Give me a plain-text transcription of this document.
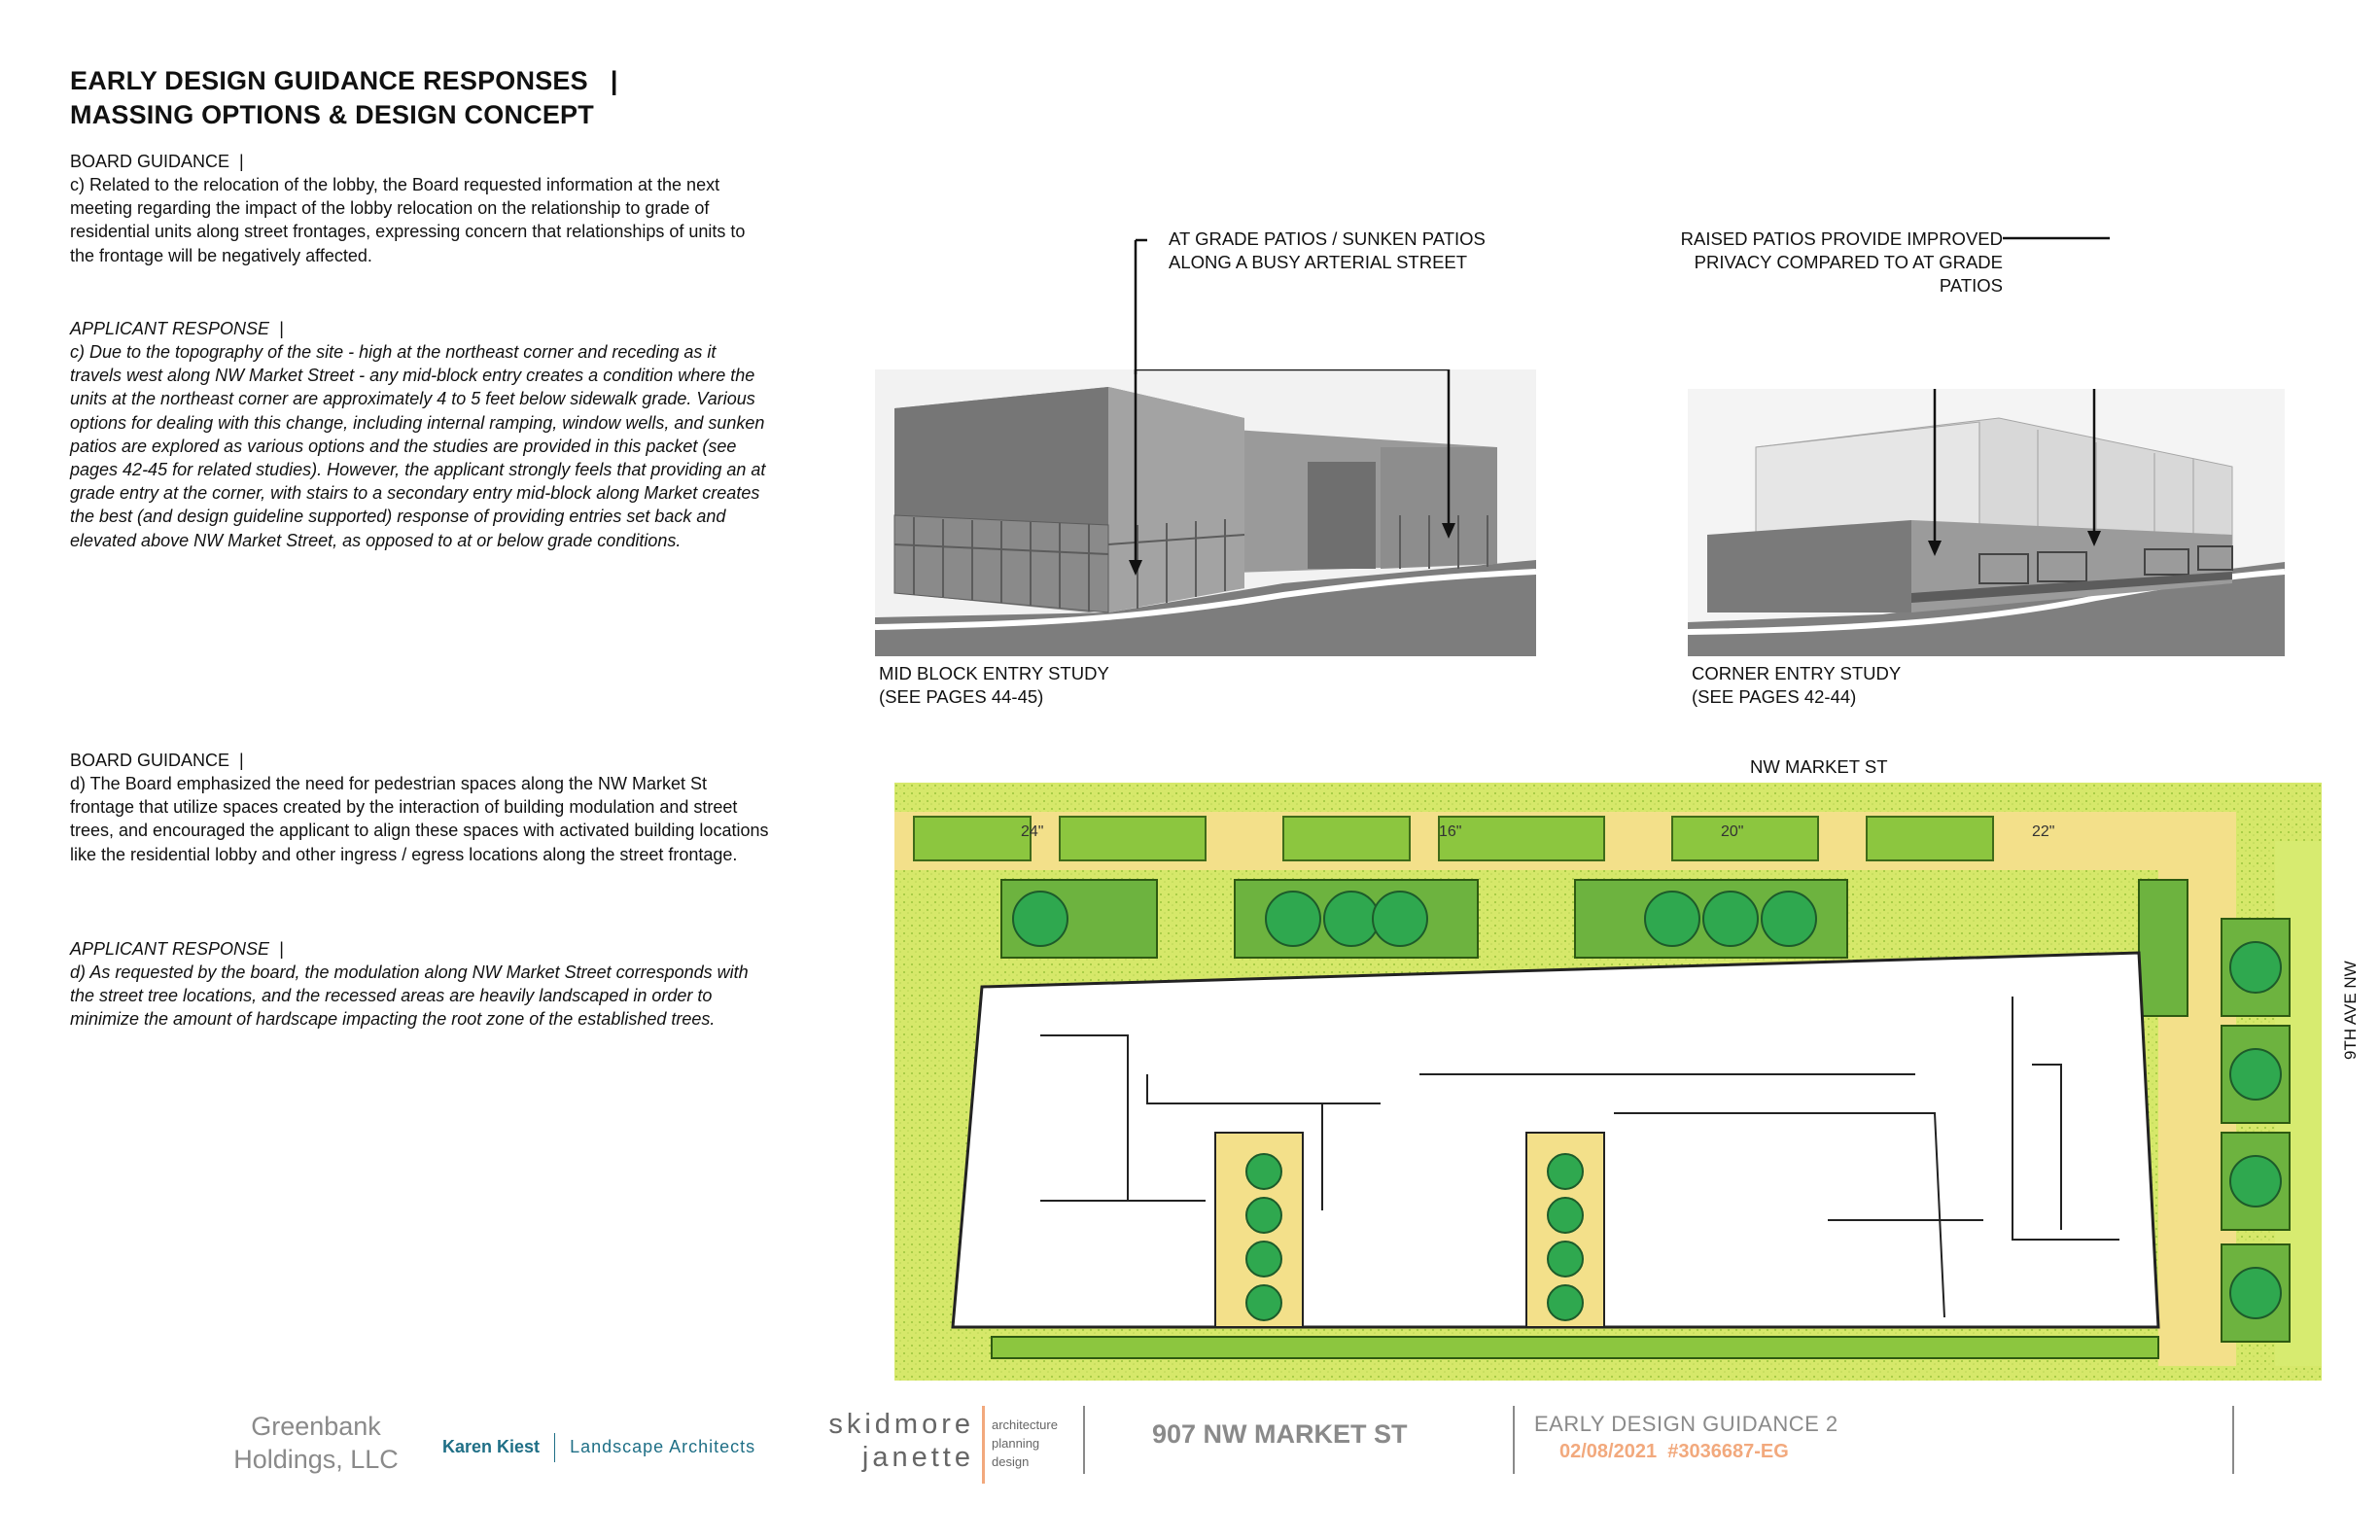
EARLY DESIGN GUIDANCE RESPONSES   |
MASSING OPTIONS & DESIGN CONCEPT
BOARD GUIDANCE  |
c) Related to the relocation of the lobby, the Board requested information at the next meeting regarding the impact of the lobby relocation on the relationship to grade of residential units along street frontages, expressing concern that relationships of units to the frontage will be negatively affected.
APPLICANT RESPONSE  |
c) Due to the topography of the site - high at the northeast corner and receding as it travels west along NW Market Street - any mid-block entry creates a condition where the units at the northeast corner are approximately 4 to 5 feet below sidewalk grade. Various options for dealing with this change, including internal ramping, window wells, and sunken patios are explored as various options and the studies are provided in this packet (see pages 42-45 for related studies). However, the applicant strongly feels that providing an at grade entry at the corner, with stairs to a secondary entry mid-block along Market creates the best (and design guideline supported) response of providing entries set back and elevated above NW Market Street, as opposed to at or below grade conditions.
BOARD GUIDANCE  |
d) The Board emphasized the need for pedestrian spaces along the NW Market St frontage that utilize spaces created by the interaction of building modulation and street trees, and encouraged the applicant to align these spaces with activated building locations like the residential lobby and other ingress / egress locations along the street frontage.
APPLICANT RESPONSE  |
d) As requested by the board, the modulation along NW Market Street corresponds with the street tree locations, and the recessed areas are heavily landscaped in order to minimize the amount of hardscape impacting the root zone of the established trees.
AT GRADE PATIOS / SUNKEN PATIOS
ALONG A BUSY ARTERIAL STREET
MID BLOCK ENTRY STUDY
(SEE PAGES 44-45)
RAISED PATIOS PROVIDE IMPROVED
PRIVACY COMPARED TO AT GRADE
PATIOS
CORNER ENTRY STUDY
(SEE PAGES 42-44)
NW MARKET ST
9TH AVE NW
24"	16"	20"	22"
Greenbank
Holdings, LLC	Karen Kiest Landscape Architects
skidmore
janette
architecture
planning
design
907 NW MARKET ST	EARLY DESIGN GUIDANCE 2
02/08/2021 #3036687-EG
